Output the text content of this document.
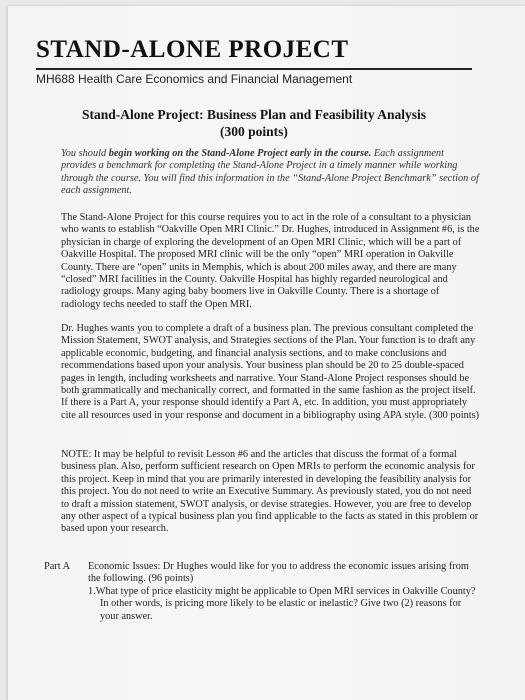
STAND-ALONE PROJECT
MH688 Health Care Economics and Financial Management
Stand-Alone Project: Business Plan and Feasibility Analysis
(300 points)

You should begin working on the Stand-Alone Project early in the course. Each assignment provides a benchmark for completing the Stand-Alone Project in a timely manner while working through the course. You will find this information in the “Stand-Alone Project Benchmark” section of each assignment.

The Stand-Alone Project for this course requires you to act in the role of a consultant to a physician who wants to establish “Oakville Open MRI Clinic.” Dr. Hughes, introduced in Assignment #6, is the physician in charge of exploring the development of an Open MRI Clinic, which will be a part of Oakville Hospital. The proposed MRI clinic will be the only “open” MRI operation in Oakville County. There are “open” units in Memphis, which is about 200 miles away, and there are many “closed” MRI facilities in the County. Oakville Hospital has highly regarded neurological and radiology groups. Many aging baby boomers live in Oakville County. There is a shortage of radiology techs needed to staff the Open MRI.

Dr. Hughes wants you to complete a draft of a business plan. The previous consultant completed the Mission Statement, SWOT analysis, and Strategies sections of the Plan. Your function is to draft any applicable economic, budgeting, and financial analysis sections, and to make conclusions and recommendations based upon your analysis. Your business plan should be 20 to 25 double-spaced pages in length, including worksheets and narrative. Your Stand-Alone Project responses should be both grammatically and mechanically correct, and formatted in the same fashion as the project itself. If there is a Part A, your response should identify a Part A, etc. In addition, you must appropriately cite all resources used in your response and document in a bibliography using APA style. (300 points)

NOTE: It may be helpful to revisit Lesson #6 and the articles that discuss the format of a formal business plan. Also, perform sufficient research on Open MRIs to perform the economic analysis for this project. Keep in mind that you are primarily interested in developing the feasibility analysis for this project. You do not need to write an Executive Summary. As previously stated, you do not need to draft a mission statement, SWOT analysis, or devise strategies. However, you are free to develop any other aspect of a typical business plan you find applicable to the facts as stated in this problem or based upon your research.

Part A Economic Issues: Dr Hughes would like for you to address the economic issues arising from the following. (96 points)
1.What type of price elasticity might be applicable to Open MRI services in Oakville County? In other words, is pricing more likely to be elastic or inelastic? Give two (2) reasons for your answer.
